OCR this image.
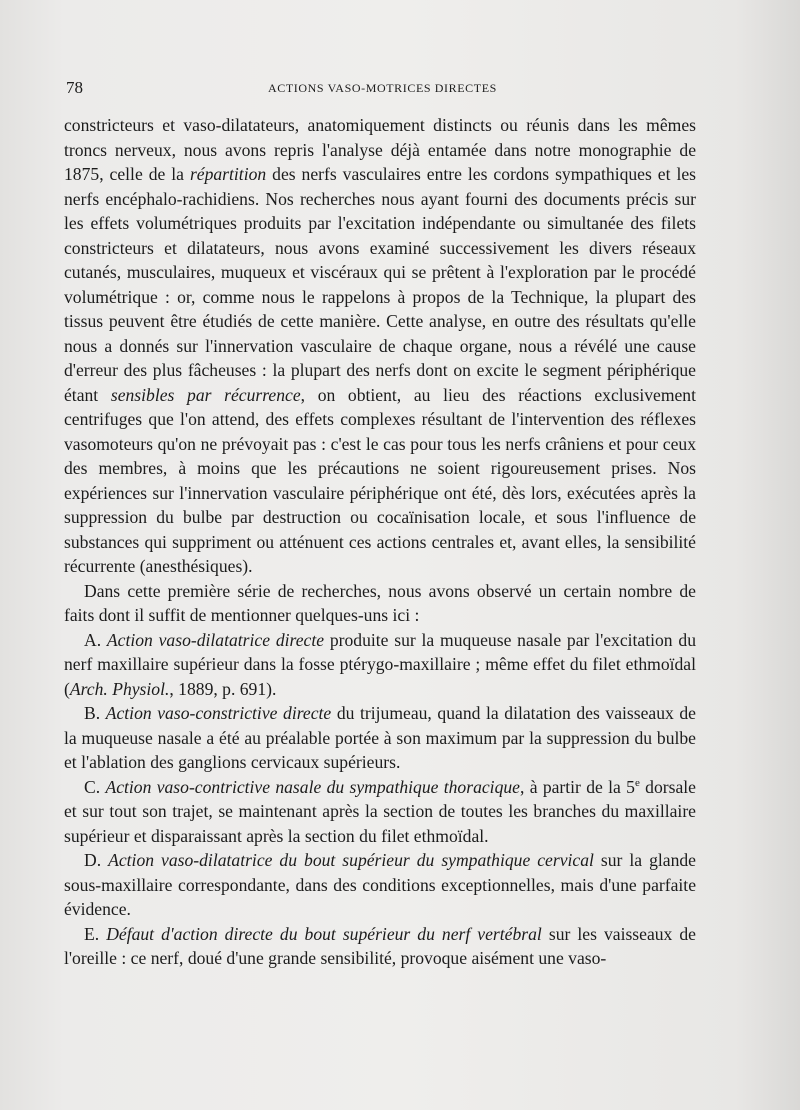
78	ACTIONS VASO-MOTRICES DIRECTES

constricteurs et vaso-dilatateurs, anatomiquement distincts ou réunis dans les mêmes troncs nerveux, nous avons repris l'analyse déjà entamée dans notre monographie de 1875, celle de la répartition des nerfs vasculaires entre les cordons sympathiques et les nerfs encéphalo-rachidiens. Nos recherches nous ayant fourni des documents précis sur les effets volumétriques produits par l'excitation indépendante ou simultanée des filets constricteurs et dilatateurs, nous avons examiné successivement les divers réseaux cutanés, musculaires, muqueux et viscéraux qui se prêtent à l'exploration par le procédé volumétrique : or, comme nous le rappelons à propos de la Technique, la plupart des tissus peuvent être étudiés de cette manière. Cette analyse, en outre des résultats qu'elle nous a donnés sur l'innervation vasculaire de chaque organe, nous a révélé une cause d'erreur des plus fâcheuses : la plupart des nerfs dont on excite le segment périphérique étant sensibles par récurrence, on obtient, au lieu des réactions exclusivement centrifuges que l'on attend, des effets complexes résultant de l'intervention des réflexes vasomoteurs qu'on ne prévoyait pas : c'est le cas pour tous les nerfs crâniens et pour ceux des membres, à moins que les précautions ne soient rigoureusement prises. Nos expériences sur l'innervation vasculaire périphérique ont été, dès lors, exécutées après la suppression du bulbe par destruction ou cocaïnisation locale, et sous l'influence de substances qui suppriment ou atténuent ces actions centrales et, avant elles, la sensibilité récurrente (anesthésiques).

Dans cette première série de recherches, nous avons observé un certain nombre de faits dont il suffit de mentionner quelques-uns ici :

A. Action vaso-dilatatrice directe produite sur la muqueuse nasale par l'excitation du nerf maxillaire supérieur dans la fosse ptérygo-maxillaire ; même effet du filet ethmoïdal (Arch. Physiol., 1889, p. 691).

B. Action vaso-constrictive directe du trijumeau, quand la dilatation des vaisseaux de la muqueuse nasale a été au préalable portée à son maximum par la suppression du bulbe et l'ablation des ganglions cervicaux supérieurs.

C. Action vaso-contrictive nasale du sympathique thoracique, à partir de la 5e dorsale et sur tout son trajet, se maintenant après la section de toutes les branches du maxillaire supérieur et disparaissant après la section du filet ethmoïdal.

D. Action vaso-dilatatrice du bout supérieur du sympathique cervical sur la glande sous-maxillaire correspondante, dans des conditions exceptionnelles, mais d'une parfaite évidence.

E. Défaut d'action directe du bout supérieur du nerf vertébral sur les vaisseaux de l'oreille : ce nerf, doué d'une grande sensibilité, provoque aisément une vaso-
